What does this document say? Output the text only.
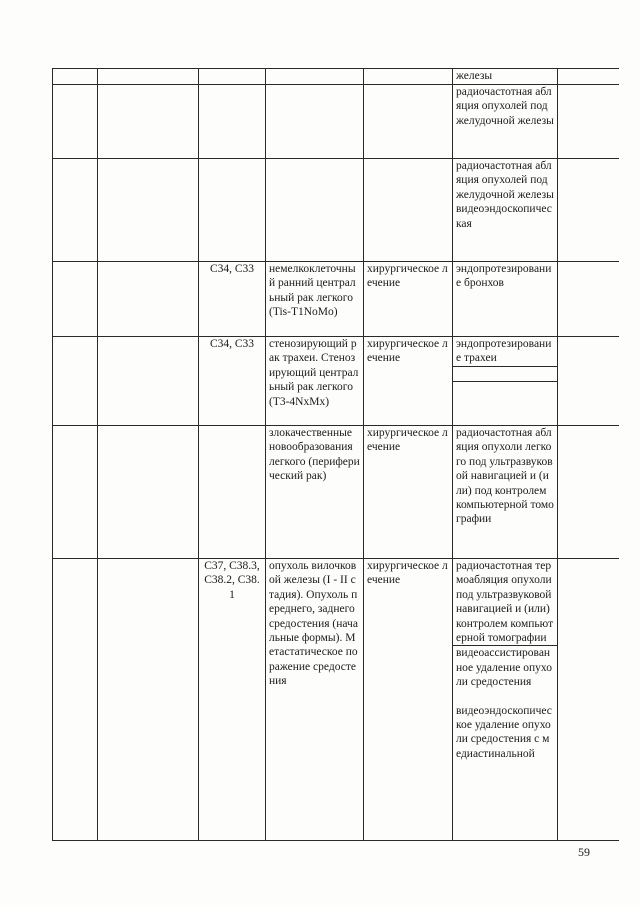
					железы	

					радиочастотная абляция опухолей поджелудочной железы	

					радиочастотная абляция опухолей поджелудочной железы видеоэндоскопическая	

		C34, C33	немелкоклеточный ранний центральный рак легкого (Tis-T1NoMo)	хирургическое лечение	эндопротезирование бронхов	

		C34, C33	стенозирующий рак трахеи. Стенозирующий центральный рак легкого (T3-4NxMx)	хирургическое лечение	эндопротезирование трахеи	

			злокачественные новообразования легкого (периферический рак)	хирургическое лечение	радиочастотная абляция опухоли легкого под ультразвуковой навигацией и (или) под контролем компьютерной томографии	

		C37, C38.3, C38.2, C38.1	опухоль вилочковой железы (I - II стадия). Опухоль переднего, заднего средостения (начальные формы). Метастатическое поражение средостения	хирургическое лечение	радиочастотная термоабляция опухоли под ультразвуковой навигацией и (или) контролем компьютерной томографии
видеоассистированное удаление опухоли средостения
видеоэндоскопическое удаление опухоли средостения с медиастинальной	

59
